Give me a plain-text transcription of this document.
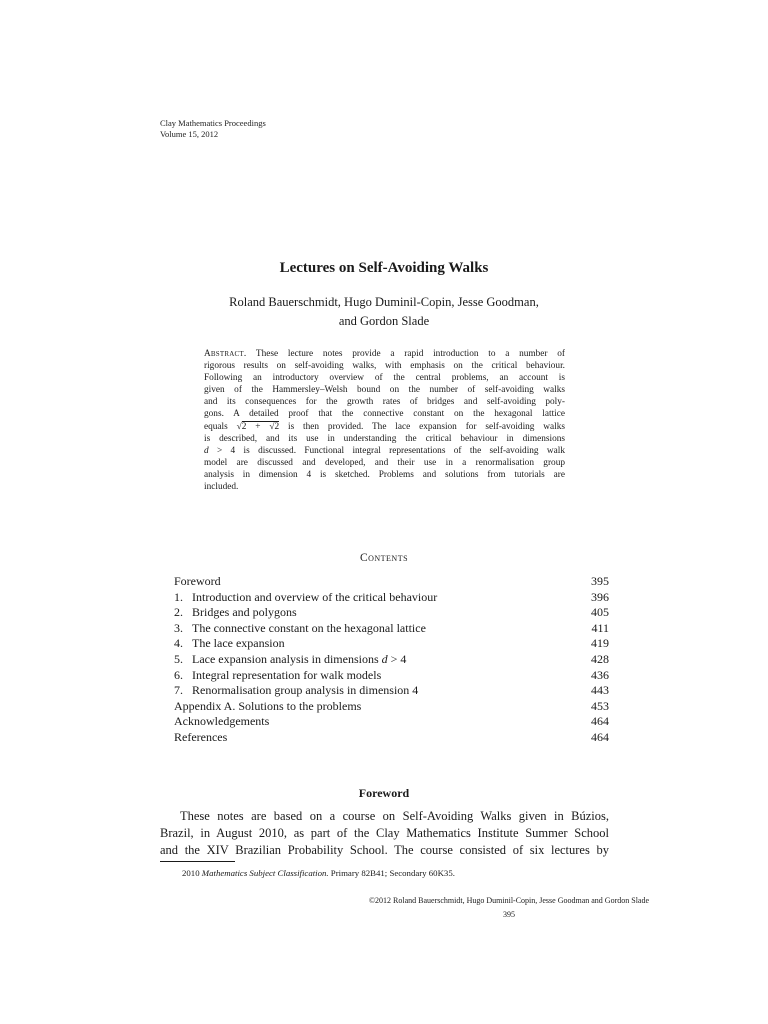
Clay Mathematics Proceedings
Volume 15, 2012
Lectures on Self-Avoiding Walks
Roland Bauerschmidt, Hugo Duminil-Copin, Jesse Goodman,
and Gordon Slade
Abstract. These lecture notes provide a rapid introduction to a number of
rigorous results on self-avoiding walks, with emphasis on the critical behaviour.
Following an introductory overview of the central problems, an account is
given of the Hammersley–Welsh bound on the number of self-avoiding walks
and its consequences for the growth rates of bridges and self-avoiding poly-
gons. A detailed proof that the connective constant on the hexagonal lattice
equals √2 + √2 is then provided. The lace expansion for self-avoiding walks
is described, and its use in understanding the critical behaviour in dimensions
d > 4 is discussed. Functional integral representations of the self-avoiding walk
model are discussed and developed, and their use in a renormalisation group
analysis in dimension 4 is sketched. Problems and solutions from tutorials are
included.
Contents
Foreword	395
1. Introduction and overview of the critical behaviour	396
2. Bridges and polygons	405
3. The connective constant on the hexagonal lattice	411
4. The lace expansion	419
5. Lace expansion analysis in dimensions d > 4	428
6. Integral representation for walk models	436
7. Renormalisation group analysis in dimension 4	443
Appendix A. Solutions to the problems	453
Acknowledgements	464
References	464
Foreword
These notes are based on a course on Self-Avoiding Walks given in Búzios,
Brazil, in August 2010, as part of the Clay Mathematics Institute Summer School
and the XIV Brazilian Probability School. The course consisted of six lectures by
2010 Mathematics Subject Classification. Primary 82B41; Secondary 60K35.
©2012 Roland Bauerschmidt, Hugo Duminil-Copin, Jesse Goodman and Gordon Slade
395
